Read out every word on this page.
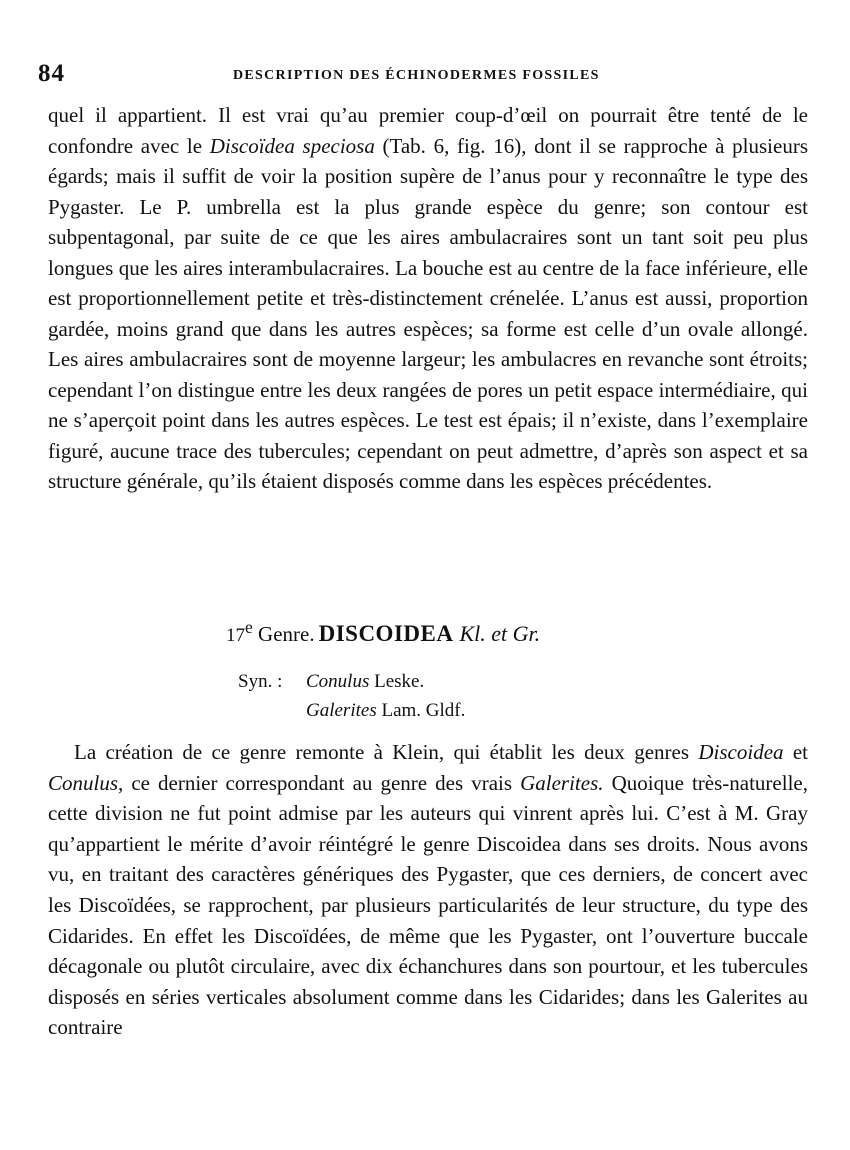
84	DESCRIPTION DES ÉCHINODERMES FOSSILES

quel il appartient. Il est vrai qu’au premier coup-d’œil on pourrait être tenté de le confondre avec le Discoïdea speciosa (Tab. 6, fig. 16), dont il se rapproche à plusieurs égards; mais il suffit de voir la position supère de l’anus pour y reconnaître le type des Pygaster. Le P. umbrella est la plus grande espèce du genre; son contour est subpentagonal, par suite de ce que les aires ambulacraires sont un tant soit peu plus longues que les aires interambulacraires. La bouche est au centre de la face inférieure, elle est proportionnellement petite et très-distinctement crénelée. L’anus est aussi, proportion gardée, moins grand que dans les autres espèces; sa forme est celle d’un ovale allongé. Les aires ambulacraires sont de moyenne largeur; les ambulacres en revanche sont étroits; cependant l’on distingue entre les deux rangées de pores un petit espace intermédiaire, qui ne s’aperçoit point dans les autres espèces. Le test est épais; il n’existe, dans l’exemplaire figuré, aucune trace des tubercules; cependant on peut admettre, d’après son aspect et sa structure générale, qu’ils étaient disposés comme dans les espèces précédentes.

17e Genre. DISCOIDEA Kl. et Gr.
Syn. : Conulus Leske.
Galerites Lam. Gldf.

La création de ce genre remonte à Klein, qui établit les deux genres Discoidea et Conulus, ce dernier correspondant au genre des vrais Galerites. Quoique très-naturelle, cette division ne fut point admise par les auteurs qui vinrent après lui. C’est à M. Gray qu’appartient le mérite d’avoir réintégré le genre Discoidea dans ses droits. Nous avons vu, en traitant des caractères génériques des Pygaster, que ces derniers, de concert avec les Discoïdées, se rapprochent, par plusieurs particularités de leur structure, du type des Cidarides. En effet les Discoïdées, de même que les Pygaster, ont l’ouverture buccale décagonale ou plutôt circulaire, avec dix échanchures dans son pourtour, et les tubercules disposés en séries verticales absolument comme dans les Cidarides; dans les Galerites au contraire
